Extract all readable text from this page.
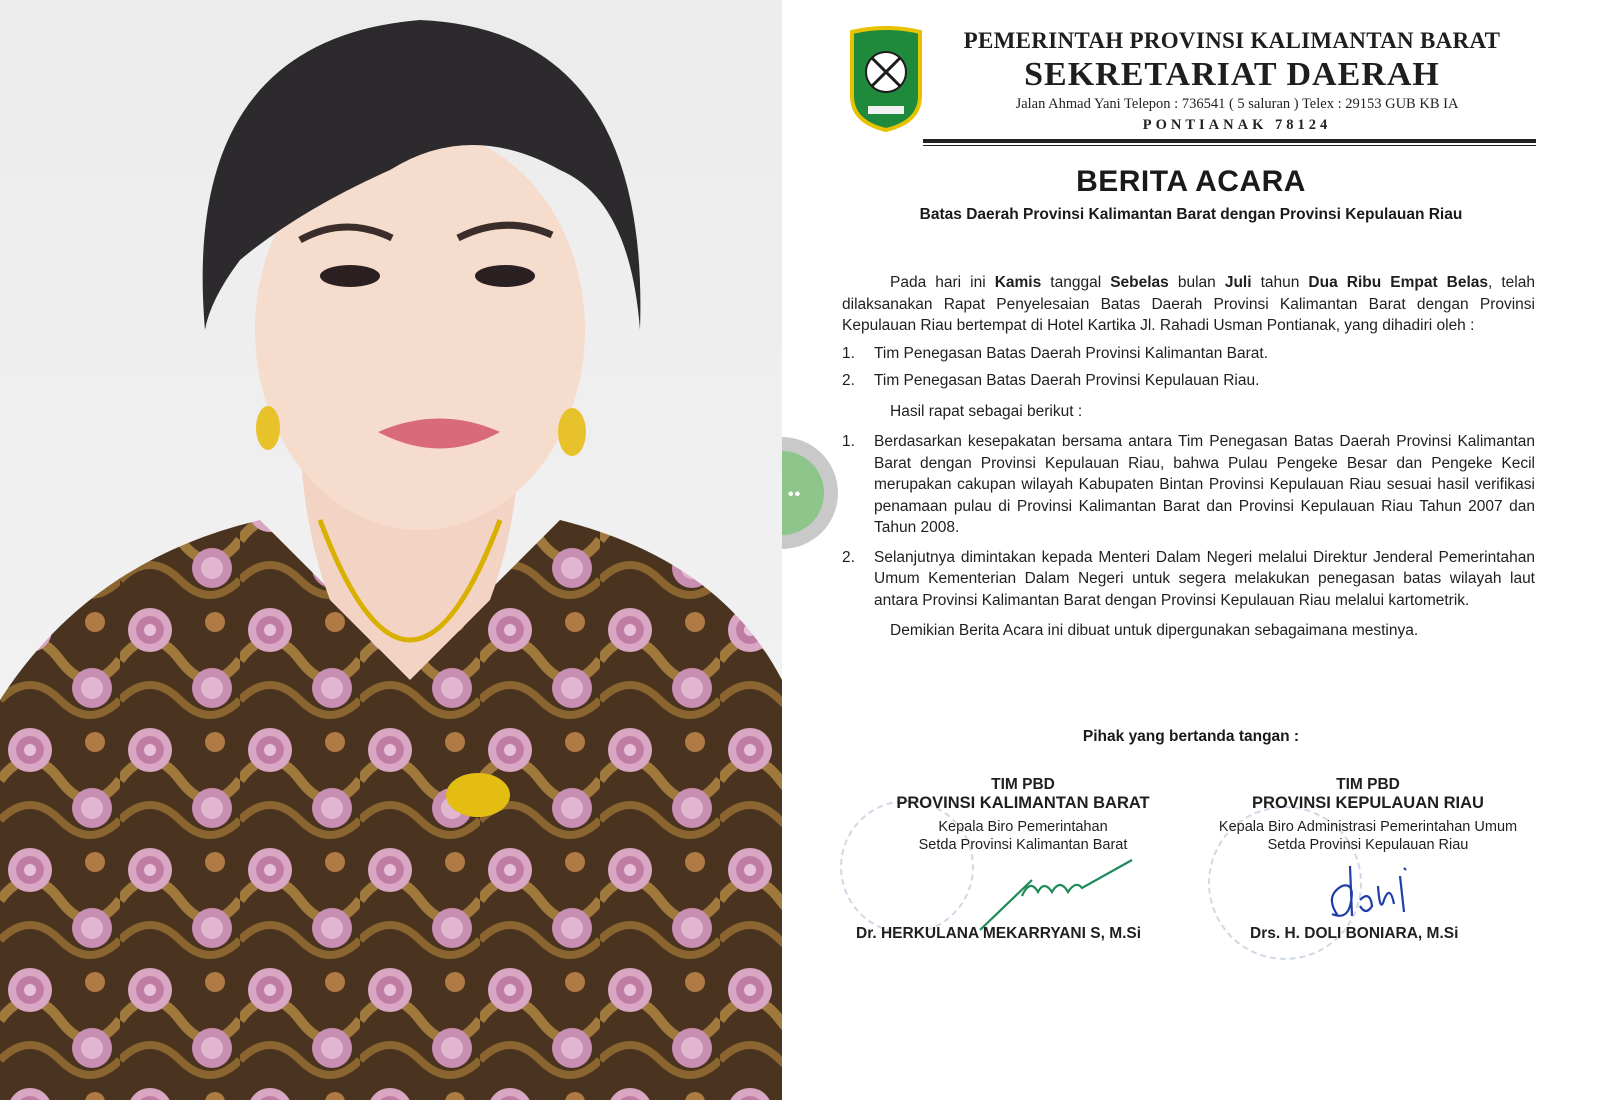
PEMERINTAH PROVINSI KALIMANTAN BARAT
SEKRETARIAT DAERAH
Jalan Ahmad Yani Telepon : 736541 ( 5 saluran ) Telex : 29153 GUB KB IA
PONTIANAK 78124
BERITA ACARA
Batas Daerah Provinsi Kalimantan Barat dengan Provinsi Kepulauan Riau

Pada hari ini Kamis tanggal Sebelas bulan Juli tahun Dua Ribu Empat Belas, telah dilaksanakan Rapat Penyelesaian Batas Daerah Provinsi Kalimantan Barat dengan Provinsi Kepulauan Riau bertempat di Hotel Kartika Jl. Rahadi Usman Pontianak, yang dihadiri oleh :

1. Tim Penegasan Batas Daerah Provinsi Kalimantan Barat.
2. Tim Penegasan Batas Daerah Provinsi Kepulauan Riau.

Hasil rapat sebagai berikut :

1. Berdasarkan kesepakatan bersama antara Tim Penegasan Batas Daerah Provinsi Kalimantan Barat dengan Provinsi Kepulauan Riau, bahwa Pulau Pengeke Besar dan Pengeke Kecil merupakan cakupan wilayah Kabupaten Bintan Provinsi Kepulauan Riau sesuai hasil verifikasi penamaan pulau di Provinsi Kalimantan Barat dan Provinsi Kepulauan Riau Tahun 2007 dan Tahun 2008.
2. Selanjutnya dimintakan kepada Menteri Dalam Negeri melalui Direktur Jenderal Pemerintahan Umum Kementerian Dalam Negeri untuk segera melakukan penegasan batas wilayah laut antara Provinsi Kalimantan Barat dengan Provinsi Kepulauan Riau melalui kartometrik.

Demikian Berita Acara ini dibuat untuk dipergunakan sebagaimana mestinya.

Pihak yang bertanda tangan :
TIM PBD
PROVINSI KALIMANTAN BARAT
Kepala Biro Pemerintahan
Setda Provinsi Kalimantan Barat
TIM PBD
PROVINSI KEPULAUAN RIAU
Kepala Biro Administrasi Pemerintahan Umum
Setda Provinsi Kepulauan Riau
Dr. HERKULANA MEKARRYANI S, M.Si	Drs. H. DOLI BONIARA, M.Si
••
